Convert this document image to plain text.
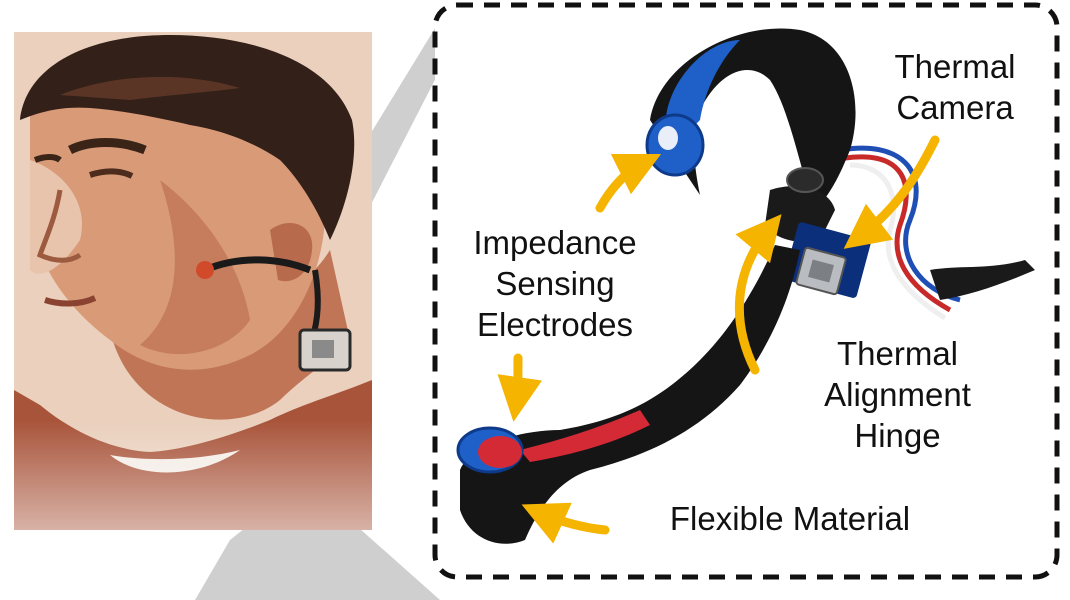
Thermal
Camera
Impedance
Sensing
Electrodes
Thermal
Alignment
Hinge
Flexible Material
